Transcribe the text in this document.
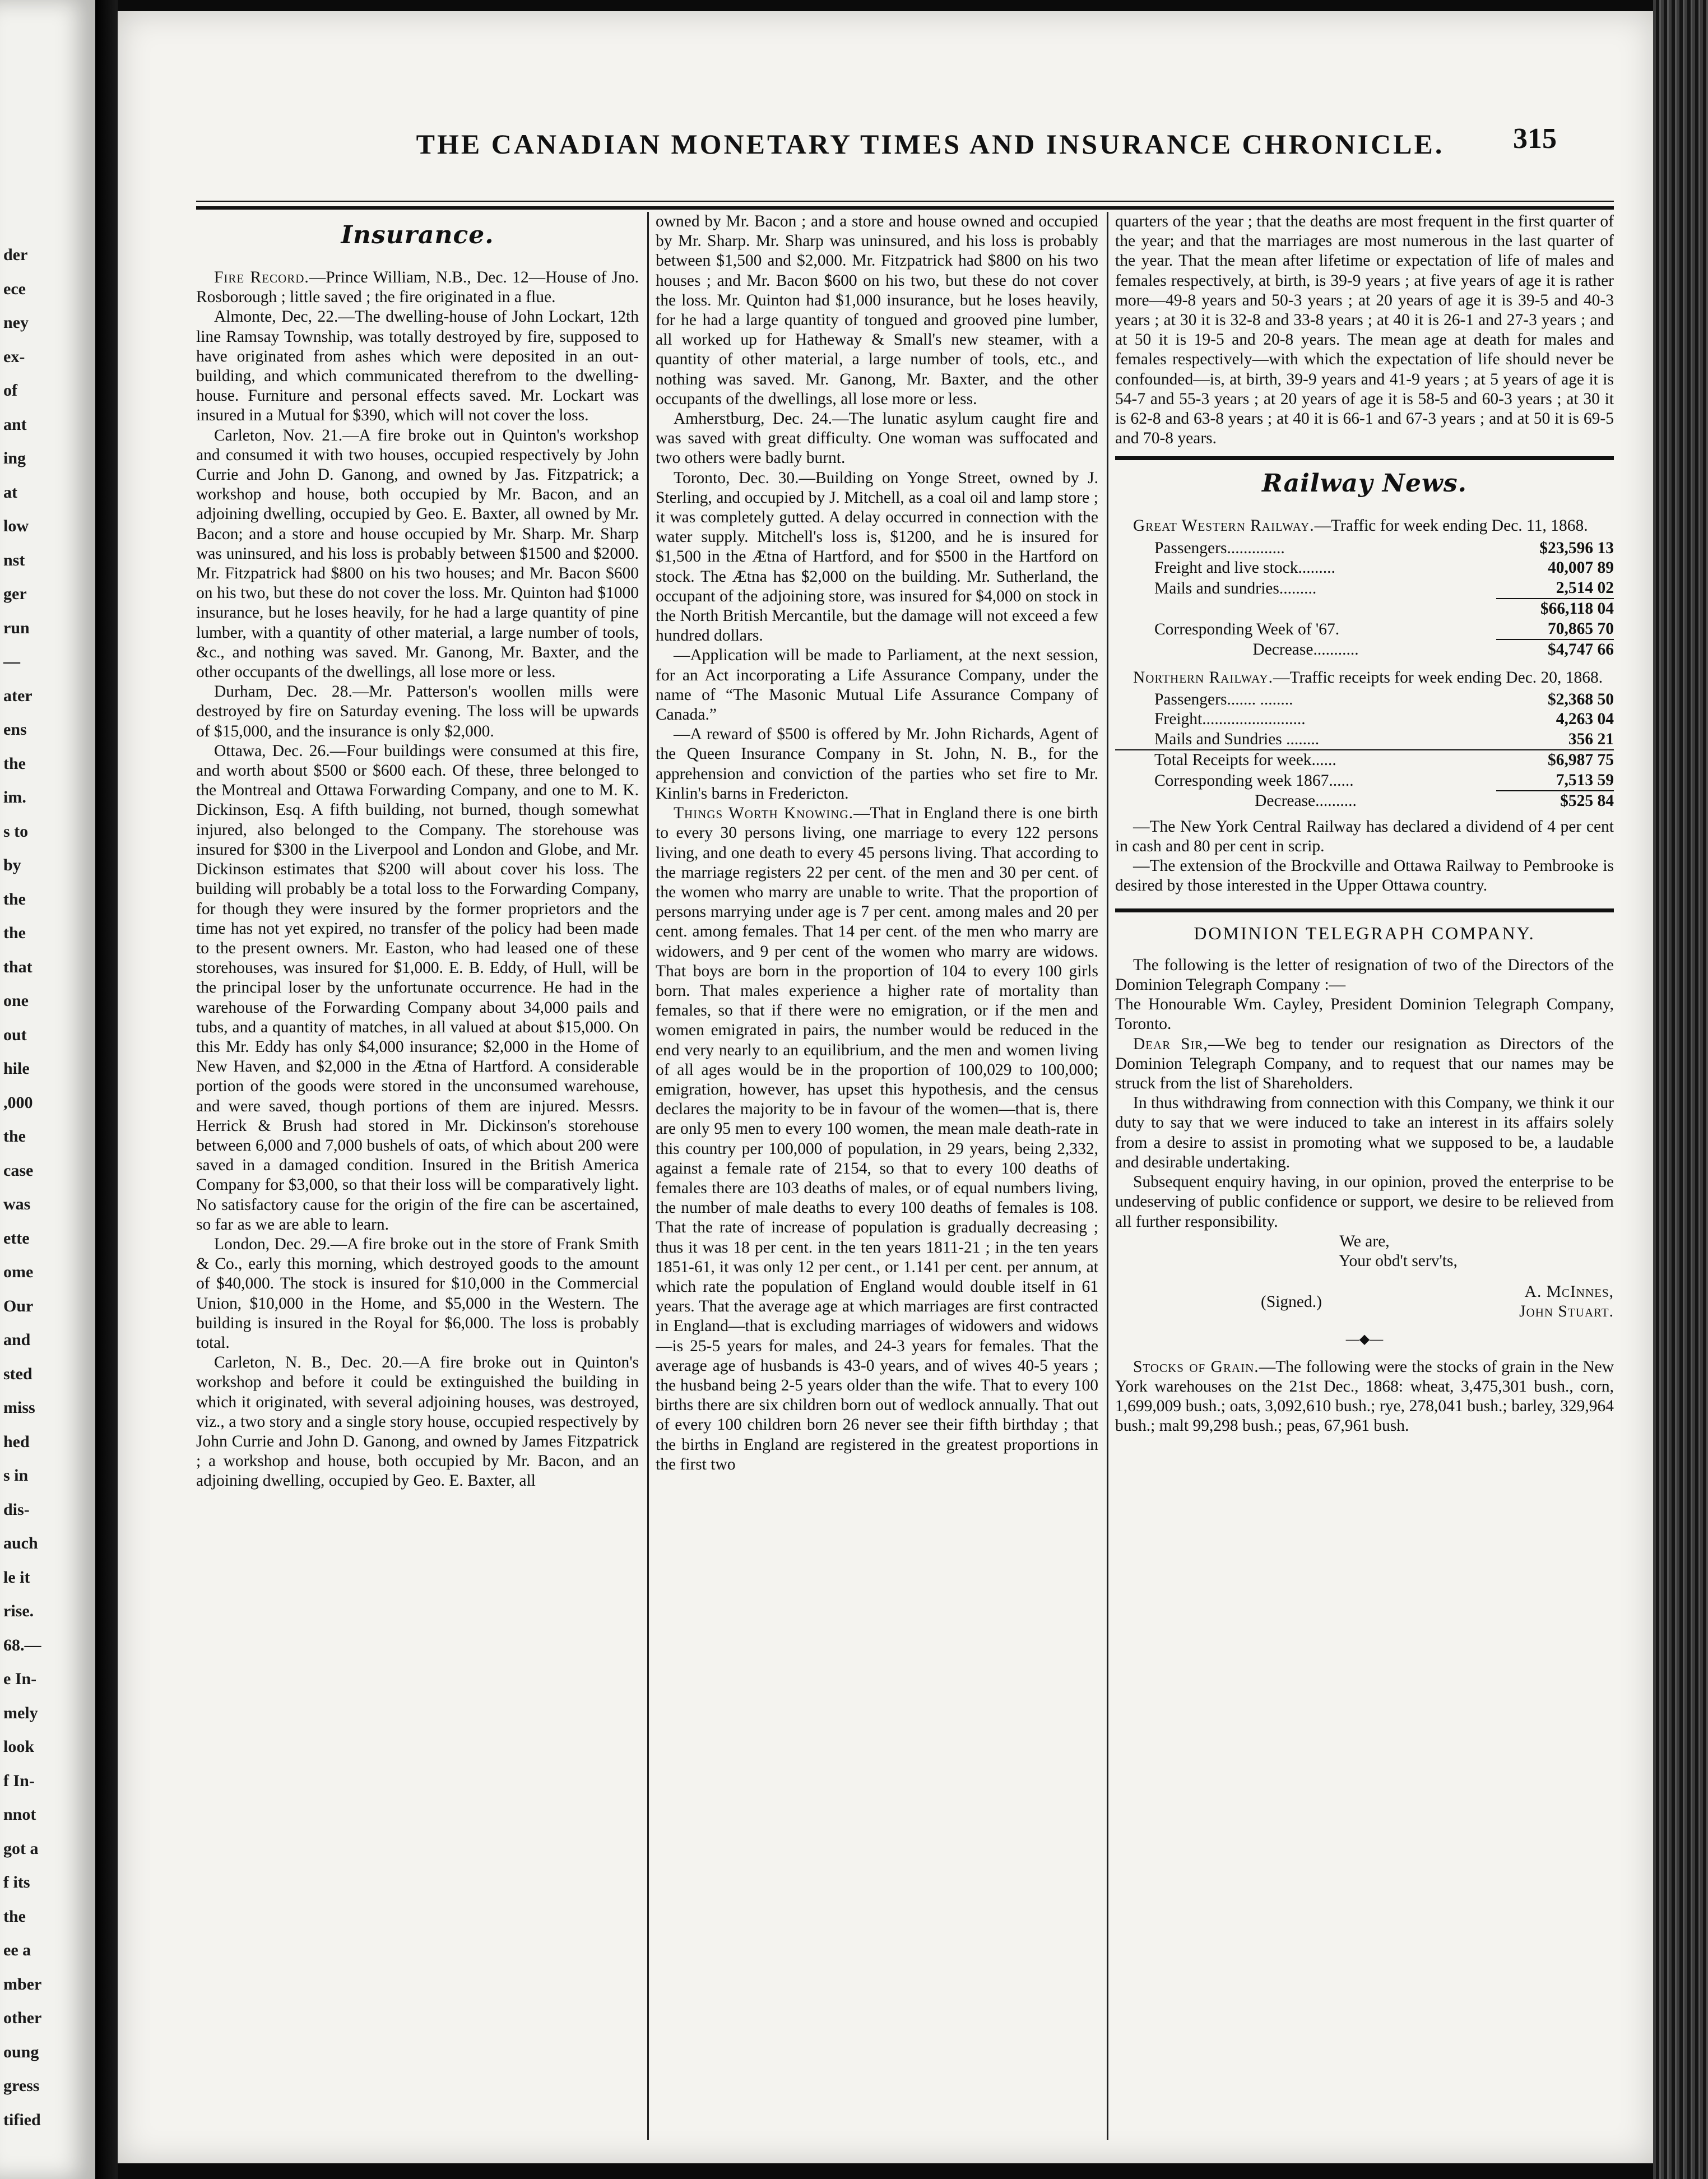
der
ece
ney
ex-
of
ant
ing
at
low
nst
ger
run
—
ater
ens
the
im.
s to
by
the
the
that
one
out
hile
,000
the
case
was
ette
ome
Our
and
sted
miss
hed
s in
dis-
auch
le it
rise.
68.—
e In-
mely
look
f In-
nnot
got a
f its
the
ee a
mber
other
oung
gress
tified
THE CANADIAN MONETARY TIMES AND INSURANCE CHRONICLE.	315
Insurance.

Fire Record.—Prince William, N.B., Dec. 12—House of Jno. Rosborough ; little saved ; the fire originated in a flue.

Almonte, Dec, 22.—The dwelling-house of John Lockart, 12th line Ramsay Township, was totally destroyed by fire, supposed to have originated from ashes which were deposited in an out-building, and which communicated therefrom to the dwelling-house. Furniture and personal effects saved. Mr. Lockart was insured in a Mutual for $390, which will not cover the loss.

Carleton, Nov. 21.—A fire broke out in Quinton's workshop and consumed it with two houses, occupied respectively by John Currie and John D. Ganong, and owned by Jas. Fitzpatrick; a workshop and house, both occupied by Mr. Bacon, and an adjoining dwelling, occupied by Geo. E. Baxter, all owned by Mr. Bacon; and a store and house occupied by Mr. Sharp. Mr. Sharp was uninsured, and his loss is probably between $1500 and $2000. Mr. Fitzpatrick had $800 on his two houses; and Mr. Bacon $600 on his two, but these do not cover the loss. Mr. Quinton had $1000 insurance, but he loses heavily, for he had a large quantity of pine lumber, with a quantity of other material, a large number of tools, &c., and nothing was saved. Mr. Ganong, Mr. Baxter, and the other occupants of the dwellings, all lose more or less.

Durham, Dec. 28.—Mr. Patterson's woollen mills were destroyed by fire on Saturday evening. The loss will be upwards of $15,000, and the insurance is only $2,000.

Ottawa, Dec. 26.—Four buildings were consumed at this fire, and worth about $500 or $600 each. Of these, three belonged to the Montreal and Ottawa Forwarding Company, and one to M. K. Dickinson, Esq. A fifth building, not burned, though somewhat injured, also belonged to the Company. The storehouse was insured for $300 in the Liverpool and London and Globe, and Mr. Dickinson estimates that $200 will about cover his loss. The building will probably be a total loss to the Forwarding Company, for though they were insured by the former proprietors and the time has not yet expired, no transfer of the policy had been made to the present owners. Mr. Easton, who had leased one of these storehouses, was insured for $1,000. E. B. Eddy, of Hull, will be the principal loser by the unfortunate occurrence. He had in the warehouse of the Forwarding Company about 34,000 pails and tubs, and a quantity of matches, in all valued at about $15,000. On this Mr. Eddy has only $4,000 insurance; $2,000 in the Home of New Haven, and $2,000 in the Ætna of Hartford. A considerable portion of the goods were stored in the unconsumed warehouse, and were saved, though portions of them are injured. Messrs. Herrick & Brush had stored in Mr. Dickinson's storehouse between 6,000 and 7,000 bushels of oats, of which about 200 were saved in a damaged condition. Insured in the British America Company for $3,000, so that their loss will be comparatively light. No satisfactory cause for the origin of the fire can be ascertained, so far as we are able to learn.

London, Dec. 29.—A fire broke out in the store of Frank Smith & Co., early this morning, which destroyed goods to the amount of $40,000. The stock is insured for $10,000 in the Commercial Union, $10,000 in the Home, and $5,000 in the Western. The building is insured in the Royal for $6,000. The loss is probably total.

Carleton, N. B., Dec. 20.—A fire broke out in Quinton's workshop and before it could be extinguished the building in which it originated, with several adjoining houses, was destroyed, viz., a two story and a single story house, occupied respectively by John Currie and John D. Ganong, and owned by James Fitzpatrick ; a workshop and house, both occupied by Mr. Bacon, and an adjoining dwelling, occupied by Geo. E. Baxter, all

owned by Mr. Bacon ; and a store and house owned and occupied by Mr. Sharp. Mr. Sharp was uninsured, and his loss is probably between $1,500 and $2,000. Mr. Fitzpatrick had $800 on his two houses ; and Mr. Bacon $600 on his two, but these do not cover the loss. Mr. Quinton had $1,000 insurance, but he loses heavily, for he had a large quantity of tongued and grooved pine lumber, all worked up for Hatheway & Small's new steamer, with a quantity of other material, a large number of tools, etc., and nothing was saved. Mr. Ganong, Mr. Baxter, and the other occupants of the dwellings, all lose more or less.

Amherstburg, Dec. 24.—The lunatic asylum caught fire and was saved with great difficulty. One woman was suffocated and two others were badly burnt.

Toronto, Dec. 30.—Building on Yonge Street, owned by J. Sterling, and occupied by J. Mitchell, as a coal oil and lamp store ; it was completely gutted. A delay occurred in connection with the water supply. Mitchell's loss is, $1200, and he is insured for $1,500 in the Ætna of Hartford, and for $500 in the Hartford on stock. The Ætna has $2,000 on the building. Mr. Sutherland, the occupant of the adjoining store, was insured for $4,000 on stock in the North British Mercantile, but the damage will not exceed a few hundred dollars.

—Application will be made to Parliament, at the next session, for an Act incorporating a Life Assurance Company, under the name of “The Masonic Mutual Life Assurance Company of Canada.”

—A reward of $500 is offered by Mr. John Richards, Agent of the Queen Insurance Company in St. John, N. B., for the apprehension and conviction of the parties who set fire to Mr. Kinlin's barns in Fredericton.

Things Worth Knowing.—That in England there is one birth to every 30 persons living, one marriage to every 122 persons living, and one death to every 45 persons living. That according to the marriage registers 22 per cent. of the men and 30 per cent. of the women who marry are unable to write. That the proportion of persons marrying under age is 7 per cent. among males and 20 per cent. among females. That 14 per cent. of the men who marry are widowers, and 9 per cent of the women who marry are widows. That boys are born in the proportion of 104 to every 100 girls born. That males experience a higher rate of mortality than females, so that if there were no emigration, or if the men and women emigrated in pairs, the number would be reduced in the end very nearly to an equilibrium, and the men and women living of all ages would be in the proportion of 100,029 to 100,000; emigration, however, has upset this hypothesis, and the census declares the majority to be in favour of the women—that is, there are only 95 men to every 100 women, the mean male death-rate in this country per 100,000 of population, in 29 years, being 2,332, against a female rate of 2154, so that to every 100 deaths of females there are 103 deaths of males, or of equal numbers living, the number of male deaths to every 100 deaths of females is 108. That the rate of increase of population is gradually decreasing ; thus it was 18 per cent. in the ten years 1811-21 ; in the ten years 1851-61, it was only 12 per cent., or 1.141 per cent. per annum, at which rate the population of England would double itself in 61 years. That the average age at which marriages are first contracted in England—that is excluding marriages of widowers and widows—is 25-5 years for males, and 24-3 years for females. That the average age of husbands is 43-0 years, and of wives 40-5 years ; the husband being 2-5 years older than the wife. That to every 100 births there are six children born out of wedlock annually. That out of every 100 children born 26 never see their fifth birthday ; that the births in England are registered in the greatest proportions in the first two

quarters of the year ; that the deaths are most frequent in the first quarter of the year; and that the marriages are most numerous in the last quarter of the year. That the mean after lifetime or expectation of life of males and females respectively, at birth, is 39-9 years ; at five years of age it is rather more—49-8 years and 50-3 years ; at 20 years of age it is 39-5 and 40-3 years ; at 30 it is 32-8 and 33-8 years ; at 40 it is 26-1 and 27-3 years ; and at 50 it is 19-5 and 20-8 years. The mean age at death for males and females respectively—with which the expectation of life should never be confounded—is, at birth, 39-9 years and 41-9 years ; at 5 years of age it is 54-7 and 55-3 years ; at 20 years of age it is 58-5 and 60-3 years ; at 30 it is 62-8 and 63-8 years ; at 40 it is 66-1 and 67-3 years ; and at 50 it is 69-5 and 70-8 years.

Railway News.

Great Western Railway.—Traffic for week ending Dec. 11, 1868.

Passengers..............	$23,596 13
Freight and live stock.........	40,007 89
Mails and sundries.........	2,514 02
	$66,118 04
Corresponding Week of '67.	70,865 70
Decrease...........	$4,747 66

Northern Railway.—Traffic receipts for week ending Dec. 20, 1868.

Passengers....... ........	$2,368 50
Freight.........................	4,263 04
Mails and Sundries ........	356 21
Total Receipts for week......	$6,987 75
Corresponding week 1867......	7,513 59
Decrease..........	$525 84

—The New York Central Railway has declared a dividend of 4 per cent in cash and 80 per cent in scrip.

—The extension of the Brockville and Ottawa Railway to Pembrooke is desired by those interested in the Upper Ottawa country.

DOMINION TELEGRAPH COMPANY.

The following is the letter of resignation of two of the Directors of the Dominion Telegraph Company :—

The Honourable Wm. Cayley, President Dominion Telegraph Company, Toronto.

Dear Sir,—We beg to tender our resignation as Directors of the Dominion Telegraph Company, and to request that our names may be struck from the list of Shareholders.

In thus withdrawing from connection with this Company, we think it our duty to say that we were induced to take an interest in its affairs solely from a desire to assist in promoting what we supposed to be, a laudable and desirable undertaking.

Subsequent enquiry having, in our opinion, proved the enterprise to be undeserving of public confidence or support, we desire to be relieved from all further responsibility.

We are,
Your obd't serv'ts,
(Signed.)
A. McInnes,
John Stuart.
—◆—

Stocks of Grain.—The following were the stocks of grain in the New York warehouses on the 21st Dec., 1868: wheat, 3,475,301 bush., corn, 1,699,009 bush.; oats, 3,092,610 bush.; rye, 278,041 bush.; barley, 329,964 bush.; malt 99,298 bush.; peas, 67,961 bush.
